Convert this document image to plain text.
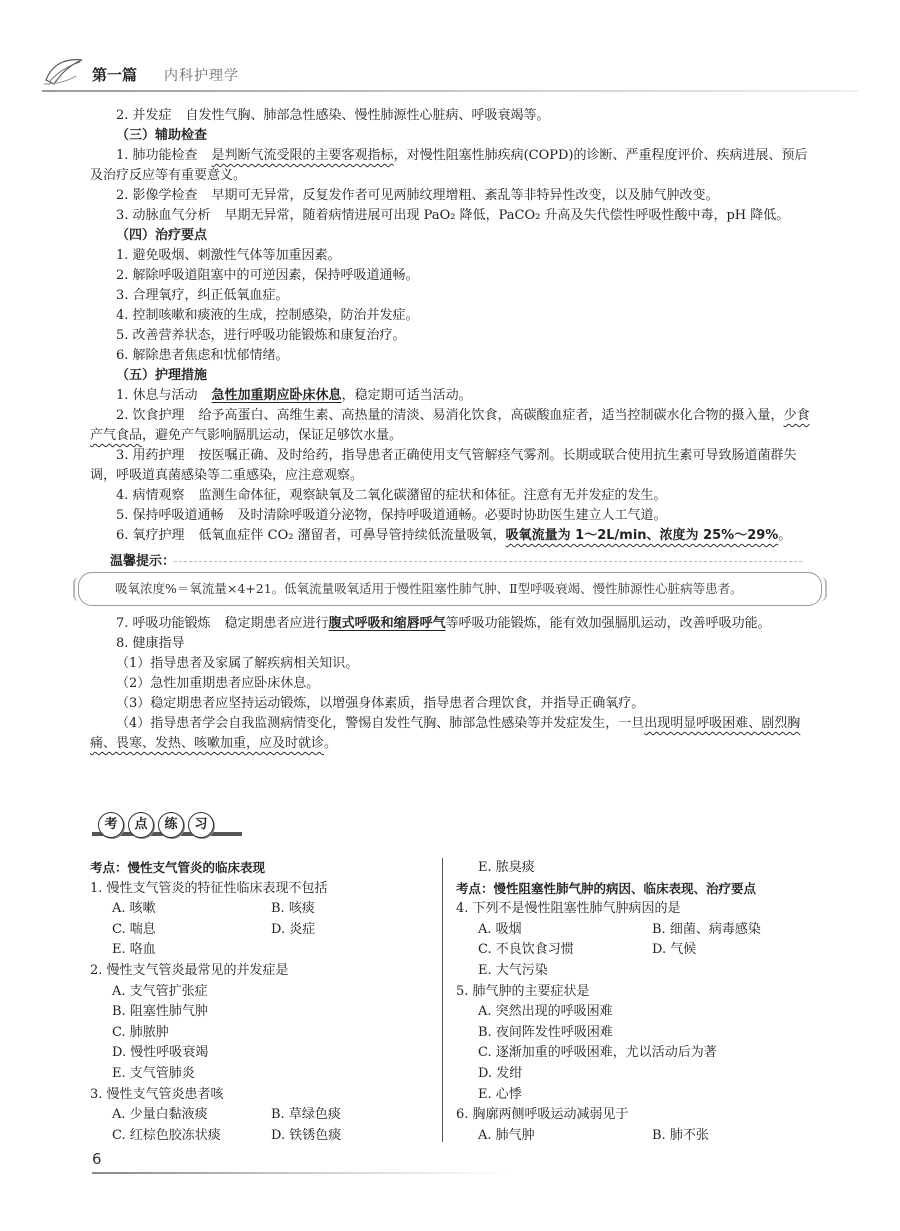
第一篇 内科护理学

2. 并发症 自发性气胸、肺部急性感染、慢性肺源性心脏病、呼吸衰竭等。

（三）辅助检查

1. 肺功能检查 是判断气流受限的主要客观指标，对慢性阻塞性肺疾病(COPD)的诊断、严重程度评价、疾病进展、预后及治疗反应等有重要意义。

2. 影像学检查 早期可无异常，反复发作者可见两肺纹理增粗、紊乱等非特异性改变，以及肺气肿改变。

3. 动脉血气分析 早期无异常，随着病情进展可出现 PaO₂ 降低，PaCO₂ 升高及失代偿性呼吸性酸中毒，pH 降低。

（四）治疗要点

1. 避免吸烟、刺激性气体等加重因素。

2. 解除呼吸道阻塞中的可逆因素，保持呼吸道通畅。

3. 合理氧疗，纠正低氧血症。

4. 控制咳嗽和痰液的生成，控制感染，防治并发症。

5. 改善营养状态，进行呼吸功能锻炼和康复治疗。

6. 解除患者焦虑和忧郁情绪。

（五）护理措施

1. 休息与活动 急性加重期应卧床休息，稳定期可适当活动。

2. 饮食护理 给予高蛋白、高维生素、高热量的清淡、易消化饮食，高碳酸血症者，适当控制碳水化合物的摄入量，少食产气食品，避免产气影响膈肌运动，保证足够饮水量。

3. 用药护理 按医嘱正确、及时给药，指导患者正确使用支气管解痉气雾剂。长期或联合使用抗生素可导致肠道菌群失调，呼吸道真菌感染等二重感染，应注意观察。

4. 病情观察 监测生命体征，观察缺氧及二氧化碳潴留的症状和体征。注意有无并发症的发生。

5. 保持呼吸道通畅 及时清除呼吸道分泌物，保持呼吸道通畅。必要时协助医生建立人工气道。

6. 氧疗护理 低氧血症伴 CO₂ 潴留者，可鼻导管持续低流量吸氧，吸氧流量为 1～2L/min、浓度为 25%～29%。

温馨提示：
吸氧浓度%＝氧流量×4+21。低氧流量吸氧适用于慢性阻塞性肺气肿、Ⅱ型呼吸衰竭、慢性肺源性心脏病等患者。

7. 呼吸功能锻炼 稳定期患者应进行腹式呼吸和缩唇呼气等呼吸功能锻炼，能有效加强膈肌运动，改善呼吸功能。

8. 健康指导

（1）指导患者及家属了解疾病相关知识。

（2）急性加重期患者应卧床休息。

（3）稳定期患者应坚持运动锻炼，以增强身体素质，指导患者合理饮食，并指导正确氧疗。

（4）指导患者学会自我监测病情变化，警惕自发性气胸、肺部急性感染等并发症发生，一旦出现明显呼吸困难、剧烈胸痛、畏寒、发热、咳嗽加重，应及时就诊。

考	点	练	习

考点：慢性支气管炎的临床表现

1. 慢性支气管炎的特征性临床表现不包括

A. 咳嗽	B. 咳痰
C. 喘息	D. 炎症
E. 咯血

2. 慢性支气管炎最常见的并发症是

A. 支气管扩张症
B. 阻塞性肺气肿
C. 肺脓肿
D. 慢性呼吸衰竭
E. 支气管肺炎

3. 慢性支气管炎患者咳

A. 少量白黏液痰	B. 草绿色痰
C. 红棕色胶冻状痰	D. 铁锈色痰
E. 脓臭痰

考点：慢性阻塞性肺气肿的病因、临床表现、治疗要点

4. 下列不是慢性阻塞性肺气肿病因的是

A. 吸烟	B. 细菌、病毒感染
C. 不良饮食习惯	D. 气候
E. 大气污染

5. 肺气肿的主要症状是

A. 突然出现的呼吸困难
B. 夜间阵发性呼吸困难
C. 逐渐加重的呼吸困难，尤以活动后为著
D. 发绀
E. 心悸

6. 胸廓两侧呼吸运动减弱见于

A. 肺气肿	B. 肺不张
6
